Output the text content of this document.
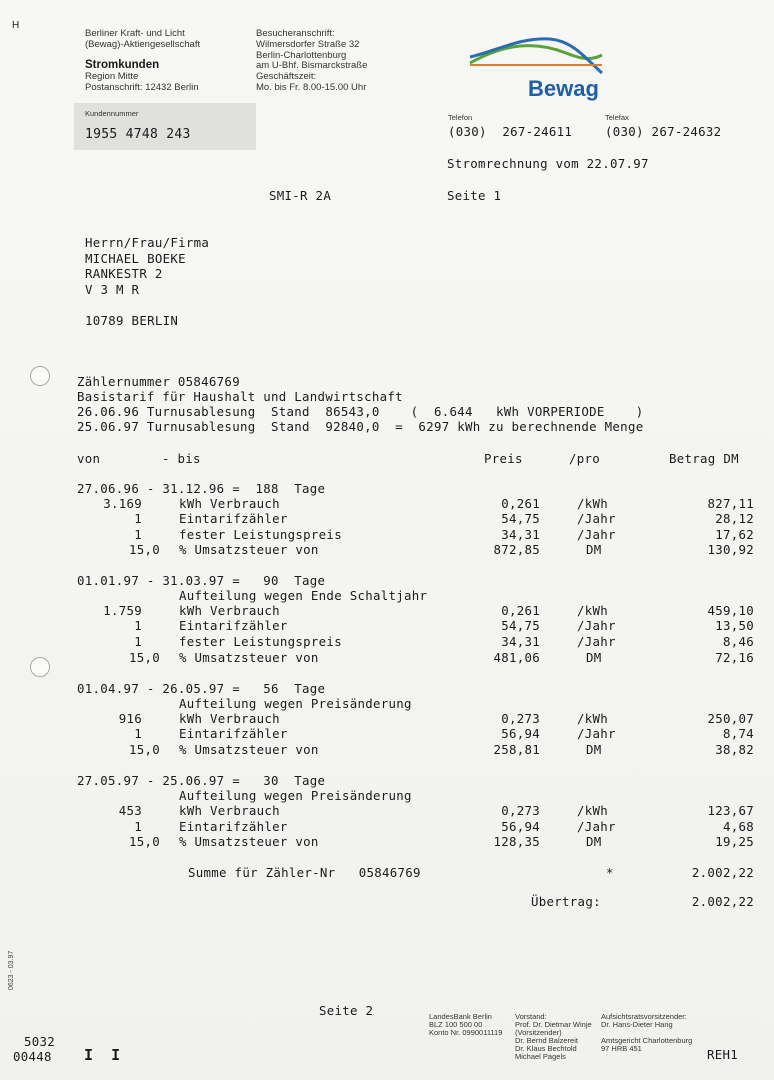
H
Berliner Kraft- und Licht
(Bewag)-Aktiengesellschaft
Stromkunden
Region Mitte
Postanschrift: 12432 Berlin
Besucheranschrift:
Wilmersdorfer Straße 32
Berlin-Charlottenburg
am U-Bhf. Bismarckstraße
Geschäftszeit:
Mo. bis Fr. 8.00-15.00 Uhr	Bewag
Kundennummer
1955 4748 243
Telefon
(030)  267-24611
Telefax
(030) 267-24632
Stromrechnung vom 22.07.97
SMI-R 2A	Seite 1
Herrn/Frau/Firma
MICHAEL BOEKE
RANKESTR 2
V 3 M R
10789 BERLIN
Zählernummer 05846769
Basistarif für Haushalt und Landwirtschaft
26.06.96 Turnusablesung  Stand  86543,0    (  6.644   kWh VORPERIODE    )
25.06.97 Turnusablesung  Stand  92840,0  =  6297 kWh zu berechnende Menge
von	- bis	Preis	/pro	Betrag DM
27.06.96 - 31.12.96 =  188  Tage
3.169	kWh Verbrauch	0,261	/kWh	827,11
1	Eintarifzähler	54,75	/Jahr	28,12
1	fester Leistungspreis	34,31	/Jahr	17,62
15,0 % Umsatzsteuer von	872,85	DM	130,92
01.01.97 - 31.03.97 =   90  Tage
Aufteilung wegen Ende Schaltjahr
1.759	kWh Verbrauch	0,261	/kWh	459,10
1	Eintarifzähler	54,75	/Jahr	13,50
1	fester Leistungspreis	34,31	/Jahr	8,46
15,0 % Umsatzsteuer von	481,06	DM	72,16
01.04.97 - 26.05.97 =   56  Tage
Aufteilung wegen Preisänderung
916	kWh Verbrauch	0,273	/kWh	250,07
1	Eintarifzähler	56,94	/Jahr	8,74
15,0 % Umsatzsteuer von	258,81	DM	38,82
27.05.97 - 25.06.97 =   30  Tage
Aufteilung wegen Preisänderung
453	kWh Verbrauch	0,273	/kWh	123,67
1	Eintarifzähler	56,94	/Jahr	4,68
15,0 % Umsatzsteuer von	128,35	DM	19,25
Summe für Zähler-Nr   05846769	*	2.002,22
Übertrag:	2.002,22
0623 - 03.97
Seite 2	LandesBank Berlin
BLZ 100 500 00
Konto Nr. 0990011119
Vorstand:
Prof. Dr. Dietmar Winje
(Vorsitzender)
Dr. Bernd Balzereit
Dr. Klaus Bechtold
Michael Pagels
Aufsichtsratsvorsitzender:
Dr. Hans-Dieter Harig
Amtsgericht Charlottenburg
97 HRB 451
5032
00448 I  I	REH1
